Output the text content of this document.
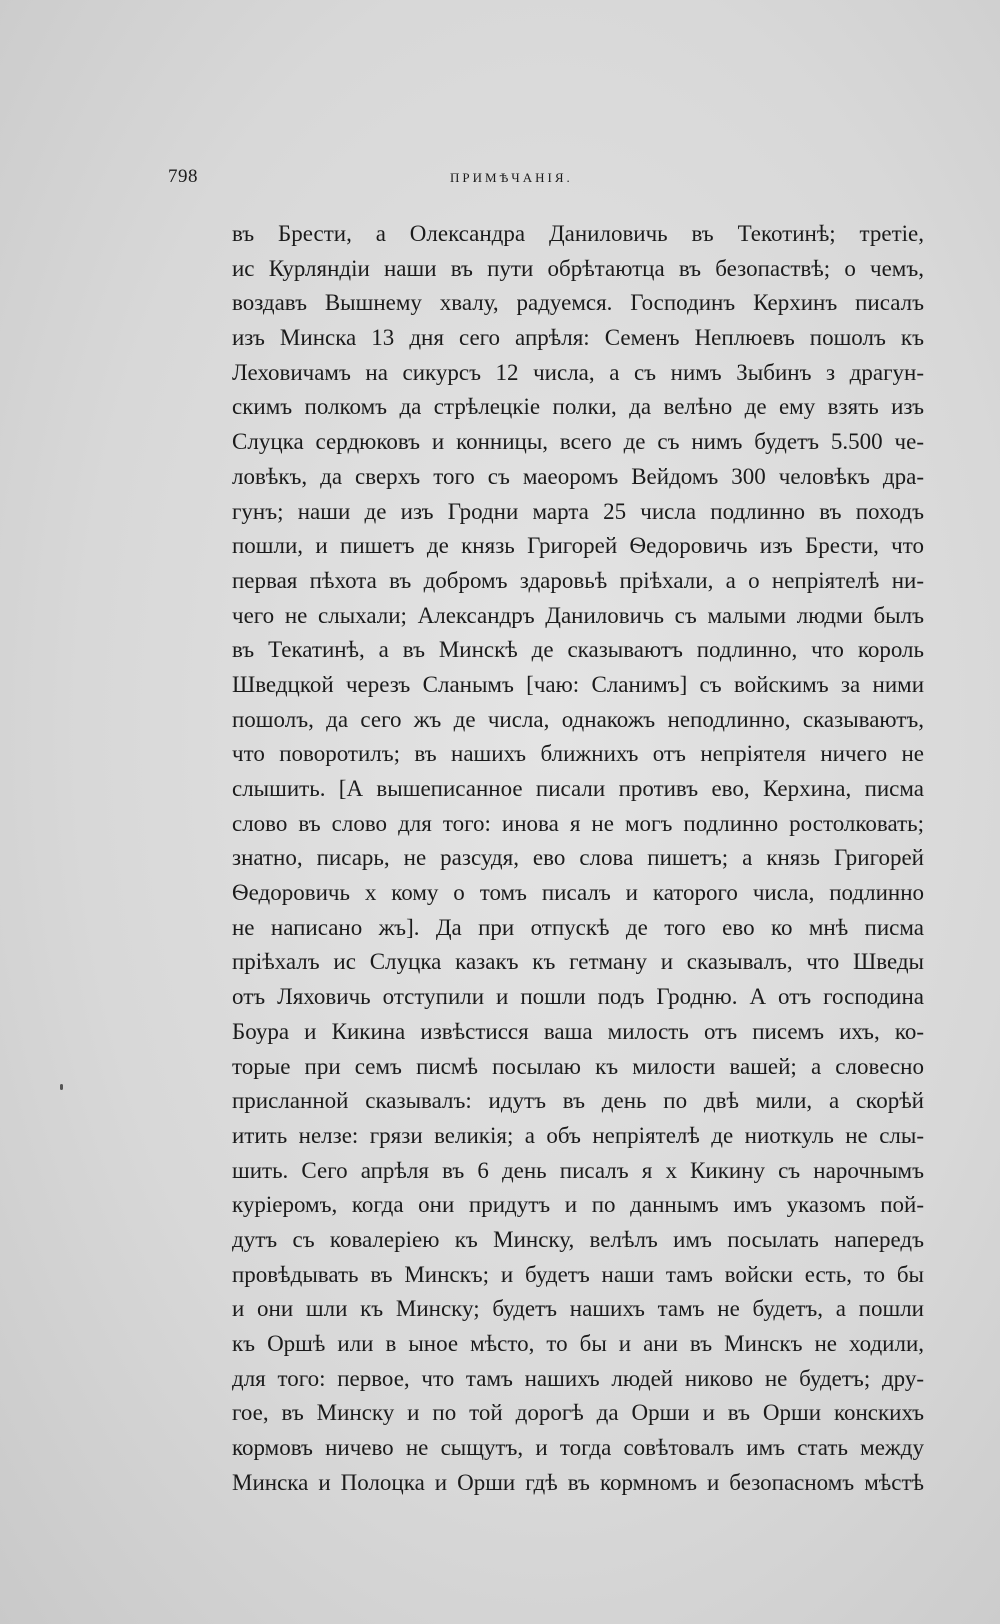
798	ПРИМѢЧАНІЯ.
въ Брести, а Олександра Даниловичь въ Текотинѣ; третіе,
ис Курляндіи наши въ пути обрѣтаютца въ безопаствѣ; о чемъ,
воздавъ Вышнему хвалу, радуемся. Господинъ Керхинъ писалъ
изъ Минска 13 дня сего апрѣля: Семенъ Неплюевъ пошолъ къ
Леховичамъ на сикурсъ 12 числа, а съ нимъ Зыбинъ з драгун-
скимъ полкомъ да стрѣлецкіе полки, да велѣно де ему взять изъ
Слуцка сердюковъ и конницы, всего де съ нимъ будетъ 5.500 че-
ловѣкъ, да сверхъ того съ маеоромъ Вейдомъ 300 человѣкъ дра-
гунъ; наши де изъ Гродни марта 25 числа подлинно въ походъ
пошли, и пишетъ де князь Григорей Ѳедоровичь изъ Брести, что
первая пѣхота въ добромъ здаровьѣ пріѣхали, а о непріятелѣ ни-
чего не слыхали; Александръ Даниловичь съ малыми людми былъ
въ Текатинѣ, а въ Минскѣ де сказываютъ подлинно, что король
Шведцкой черезъ Сланымъ [чаю: Сланимъ] съ войскимъ за ними
пошолъ, да сего жъ де числа, однакожъ неподлинно, сказываютъ,
что поворотилъ; въ нашихъ ближнихъ отъ непріятеля ничего не
слышить. [А вышеписанное писали противъ ево, Керхина, писма
слово въ слово для того: инова я не могъ подлинно ростолковать;
знатно, писарь, не разсудя, ево слова пишетъ; а князь Григорей
Ѳедоровичь х кому о томъ писалъ и каторого числа, подлинно
не написано жъ]. Да при отпускѣ де того ево ко мнѣ писма
пріѣхалъ ис Слуцка казакъ къ гетману и сказывалъ, что Шведы
отъ Ляховичь отступили и пошли подъ Гродню. А отъ господина
Боура и Кикина извѣстисся ваша милость отъ писемъ ихъ, ко-
торые при семъ писмѣ посылаю къ милости вашей; а словесно
присланной сказывалъ: идутъ въ день по двѣ мили, а скорѣй
итить нелзе: грязи великія; а объ непріятелѣ де ниоткуль не слы-
шить. Сего апрѣля въ 6 день писалъ я х Кикину съ нарочнымъ
куріеромъ, когда они придутъ и по даннымъ имъ указомъ пой-
дутъ съ ковалеріею къ Минску, велѣлъ имъ посылать напередъ
провѣдывать въ Минскъ; и будетъ наши тамъ войски есть, то бы
и они шли къ Минску; будетъ нашихъ тамъ не будетъ, а пошли
къ Оршѣ или в ыное мѣсто, то бы и ани въ Минскъ не ходили,
для того: первое, что тамъ нашихъ людей никово не будетъ; дру-
гое, въ Минску и по той дорогѣ да Орши и въ Орши конскихъ
кормовъ ничево не сыщутъ, и тогда совѣтовалъ имъ стать между
Минска и Полоцка и Орши гдѣ въ кормномъ и безопасномъ мѣстѣ
